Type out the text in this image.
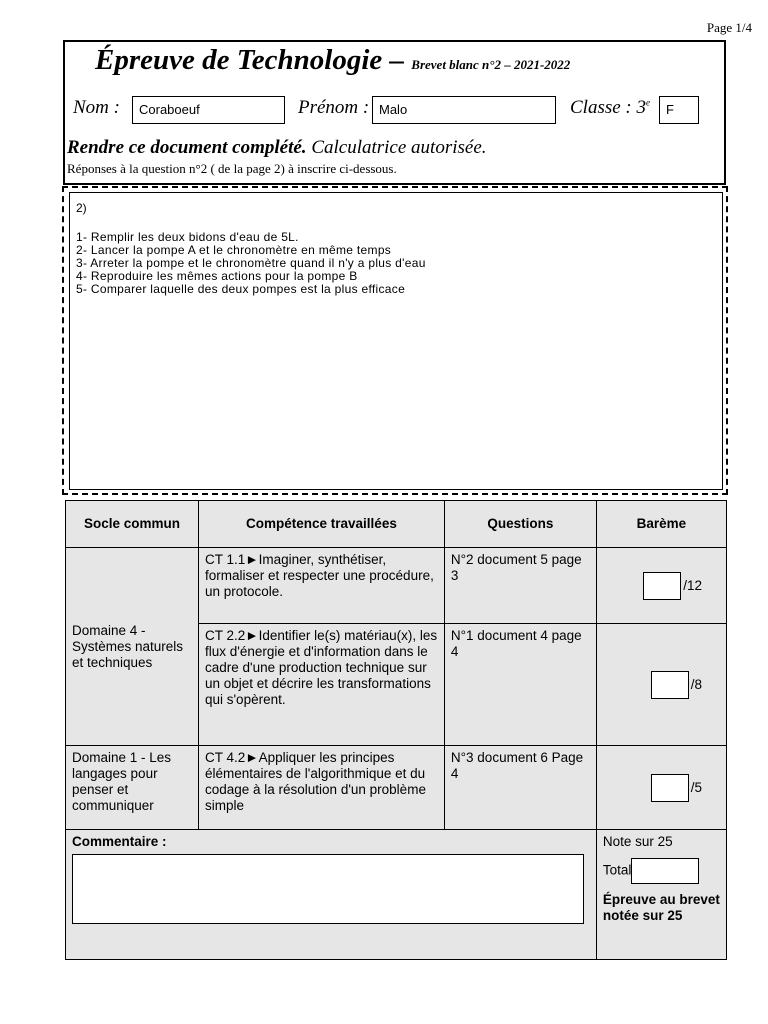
Page 1/4
Épreuve de Technologie – Brevet blanc n°2 – 2021-2022
Nom :	Coraboeuf	Prénom : Malo	Classe : 3e	F
Rendre ce document complété. Calculatrice autorisée.
Réponses à la question n°2 ( de la page 2) à inscrire ci-dessous.
2)
1- Remplir les deux bidons d'eau de 5L.
2- Lancer la pompe A et le chronomètre en même temps
3- Arreter la pompe et le chronomètre quand il n'y a plus d'eau
4- Reproduire les mêmes actions pour la pompe B
5- Comparer laquelle des deux pompes est la plus efficace
Socle commun	Compétence travaillées	Questions	Barème
Domaine 4 - Systèmes naturels et techniques	CT 1.1►Imaginer, synthétiser, formaliser et respecter une procédure, un protocole.	N°2 document 5 page 3	/12

	CT 2.2►Identifier le(s) matériau(x), les flux d'énergie et d'information dans le cadre d'une production technique sur un objet et décrire les transformations qui s'opèrent.	N°1 document 4 page 4	/8

Domaine 1 - Les langages pour penser et communiquer	CT 4.2►Appliquer les principes élémentaires de l'algorithmique et du codage à la résolution d'un problème simple	N°3 document 6 Page 4	/5

Commentaire :			Note sur 25
Total
Épreuve au brevet notée sur 25
